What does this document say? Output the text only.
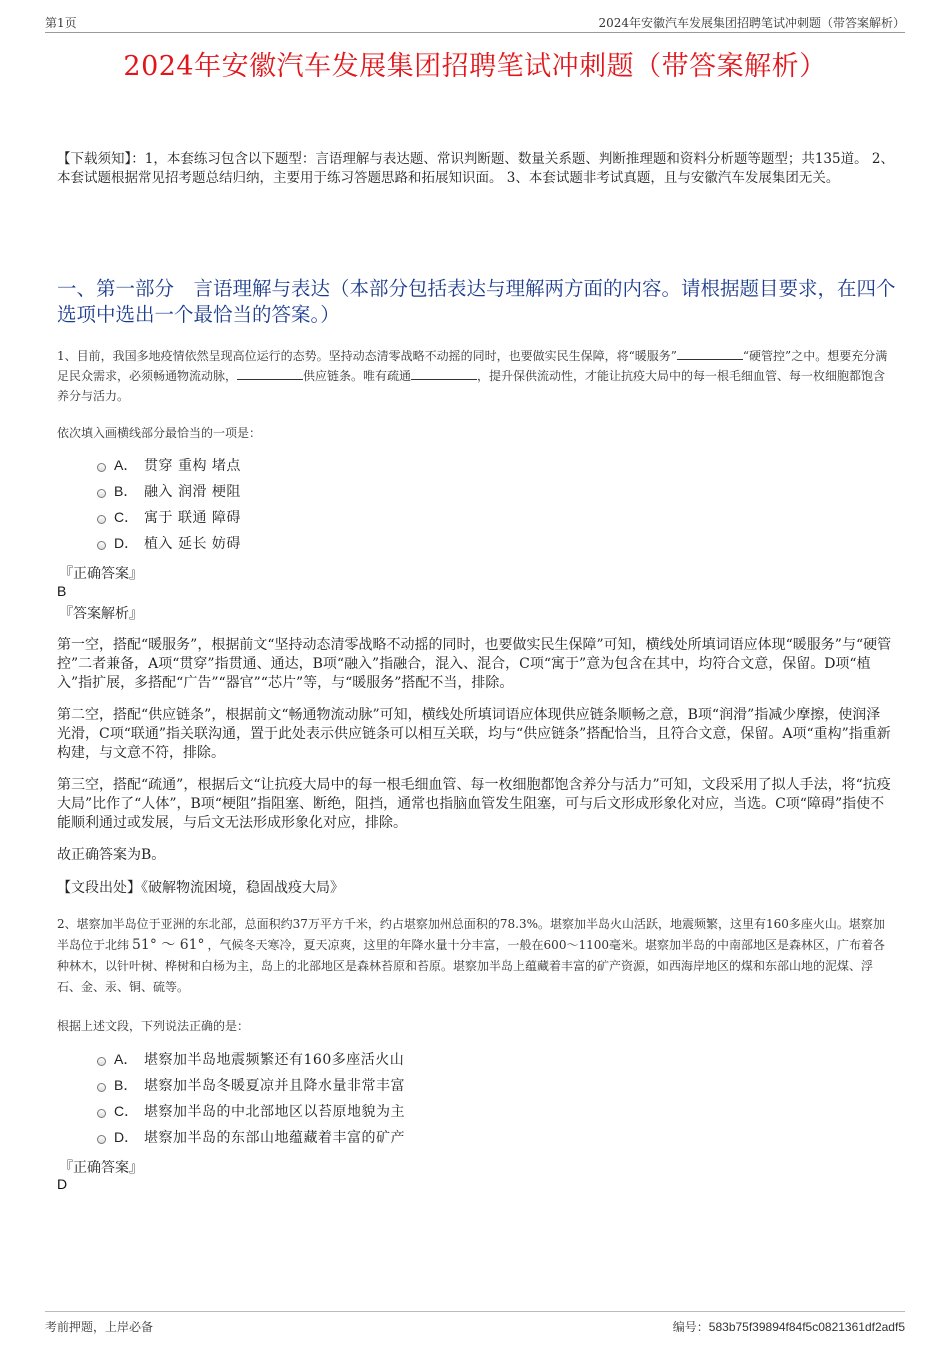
第1页	2024年安徽汽车发展集团招聘笔试冲刺题（带答案解析）
2024年安徽汽车发展集团招聘笔试冲刺题（带答案解析）
【下载须知】：1，本套练习包含以下题型：言语理解与表达题、常识判断题、数量关系题、判断推理题和资料分析题等题型；共135道。 2、本套试题根据常见招考题总结归纳，主要用于练习答题思路和拓展知识面。 3、本套试题非考试真题，且与安徽汽车发展集团无关。
一、第一部分　言语理解与表达（本部分包括表达与理解两方面的内容。请根据题目要求，在四个选项中选出一个最恰当的答案。）
1、目前，我国多地疫情依然呈现高位运行的态势。坚持动态清零战略不动摇的同时，也要做实民生保障，将“暖服务”	“硬管控”之中。想要充分满足民众需求，必须畅通物流动脉，	供应链条。唯有疏通	，提升保供流动性，才能让抗疫大局中的每一根毛细血管、每一枚细胞都饱含养分与活力。
依次填入画横线部分最恰当的一项是：
A． 贯穿 重构 堵点
B． 融入 润滑 梗阻
C． 寓于 联通 障碍
D． 植入 延长 妨碍
『正确答案』
B
『答案解析』
第一空，搭配“暖服务”，根据前文“坚持动态清零战略不动摇的同时，也要做实民生保障”可知，横线处所填词语应体现“暖服务”与“硬管控”二者兼备，A项“贯穿”指贯通、通达，B项“融入”指融合，混入、混合，C项“寓于”意为包含在其中，均符合文意，保留。D项“植入”指扩展，多搭配“广告”“器官”“芯片”等，与“暖服务”搭配不当，排除。
第二空，搭配“供应链条”，根据前文“畅通物流动脉”可知，横线处所填词语应体现供应链条顺畅之意，B项“润滑”指减少摩擦，使润泽光滑，C项“联通”指关联沟通，置于此处表示供应链条可以相互关联，均与“供应链条”搭配恰当，且符合文意，保留。A项“重构”指重新构建，与文意不符，排除。
第三空，搭配“疏通”，根据后文“让抗疫大局中的每一根毛细血管、每一枚细胞都饱含养分与活力”可知，文段采用了拟人手法，将“抗疫大局”比作了“人体”，B项“梗阻”指阻塞、断绝，阻挡，通常也指脑血管发生阻塞，可与后文形成形象化对应，当选。C项“障碍”指使不能顺利通过或发展，与后文无法形成形象化对应，排除。
故正确答案为B。
【文段出处】《破解物流困境，稳固战疫大局》
2、堪察加半岛位于亚洲的东北部，总面积约37万平方千米，约占堪察加州总面积的78.3%。堪察加半岛火山活跃，地震频繁，这里有160多座火山。堪察加半岛位于北纬 51° ～ 61° ，气候冬天寒冷，夏天凉爽，这里的年降水量十分丰富，一般在600～1100毫米。堪察加半岛的中南部地区是森林区，广布着各种林木，以针叶树、桦树和白杨为主，岛上的北部地区是森林苔原和苔原。堪察加半岛上蕴藏着丰富的矿产资源，如西海岸地区的煤和东部山地的泥煤、浮石、金、汞、铜、硫等。
根据上述文段，下列说法正确的是：
A． 堪察加半岛地震频繁还有160多座活火山
B． 堪察加半岛冬暖夏凉并且降水量非常丰富
C． 堪察加半岛的中北部地区以苔原地貌为主
D． 堪察加半岛的东部山地蕴藏着丰富的矿产
『正确答案』
D
考前押题，上岸必备	编号：583b75f39894f84f5c0821361df2adf5
